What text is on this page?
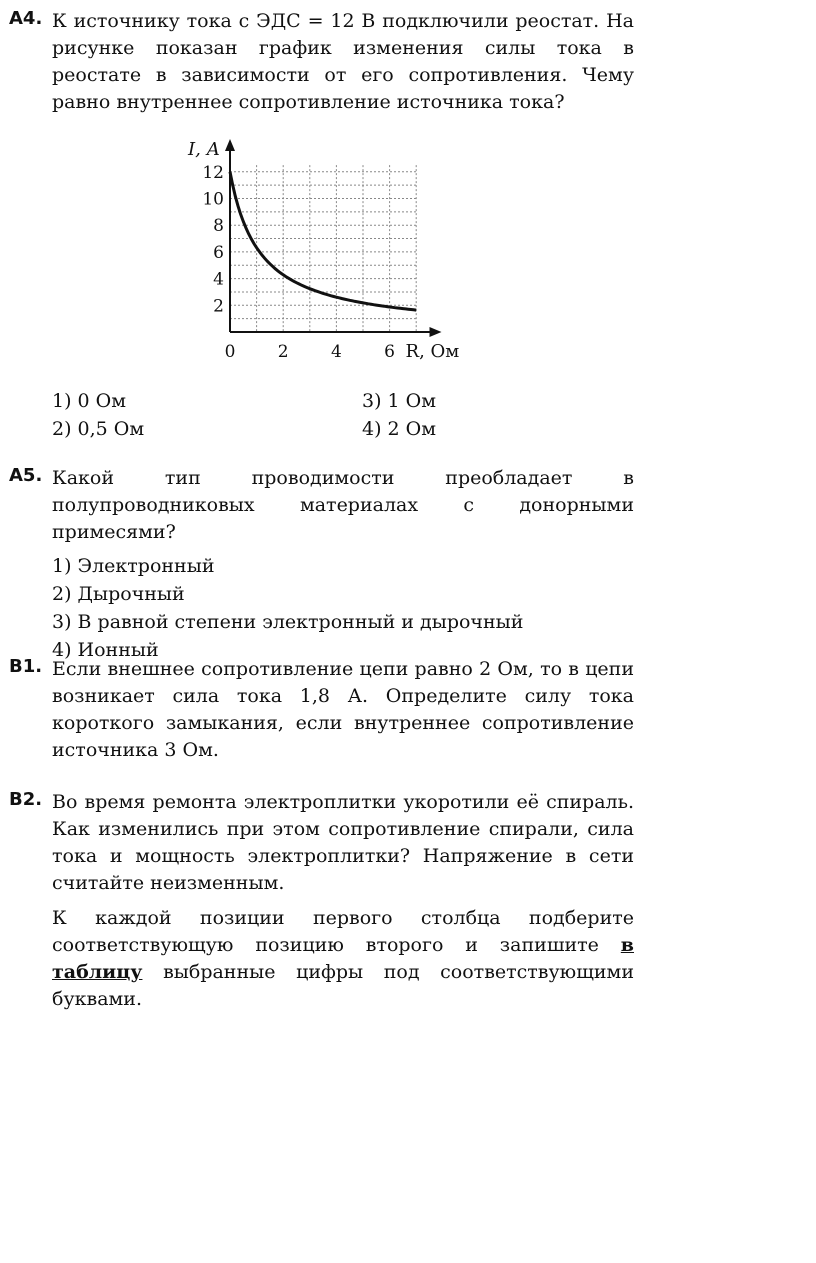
A4. К источнику тока с ЭДС = 12 В подключили реостат. На рисунке показан график изменения силы тока в реостате в зависимости от его сопротивления. Чему равно внутреннее сопротивление источника тока?
2
4
6
8
10
12
0 2 4 6
I, А
R, Ом
1) 0 Ом	3) 1 Ом
2) 0,5 Ом	4) 2 Ом
A5. Какой тип проводимости преобладает в полупроводниковых материалах с донорными примесями?
1) Электронный
2) Дырочный
3) В равной степени электронный и дырочный
4) Ионный
B1. Если внешнее сопротивление цепи равно 2 Ом, то в цепи возникает сила тока 1,8 А. Определите силу тока короткого замыкания, если внутреннее сопротивление источника 3 Ом.
B2. Во время ремонта электроплитки укоротили её спираль. Как изменились при этом сопротивление спирали, сила тока и мощность электроплитки? Напряжение в сети считайте неизменным.
К каждой позиции первого столбца подберите соответствующую позицию второго и запишите в таблицу выбранные цифры под соответствующими буквами.
